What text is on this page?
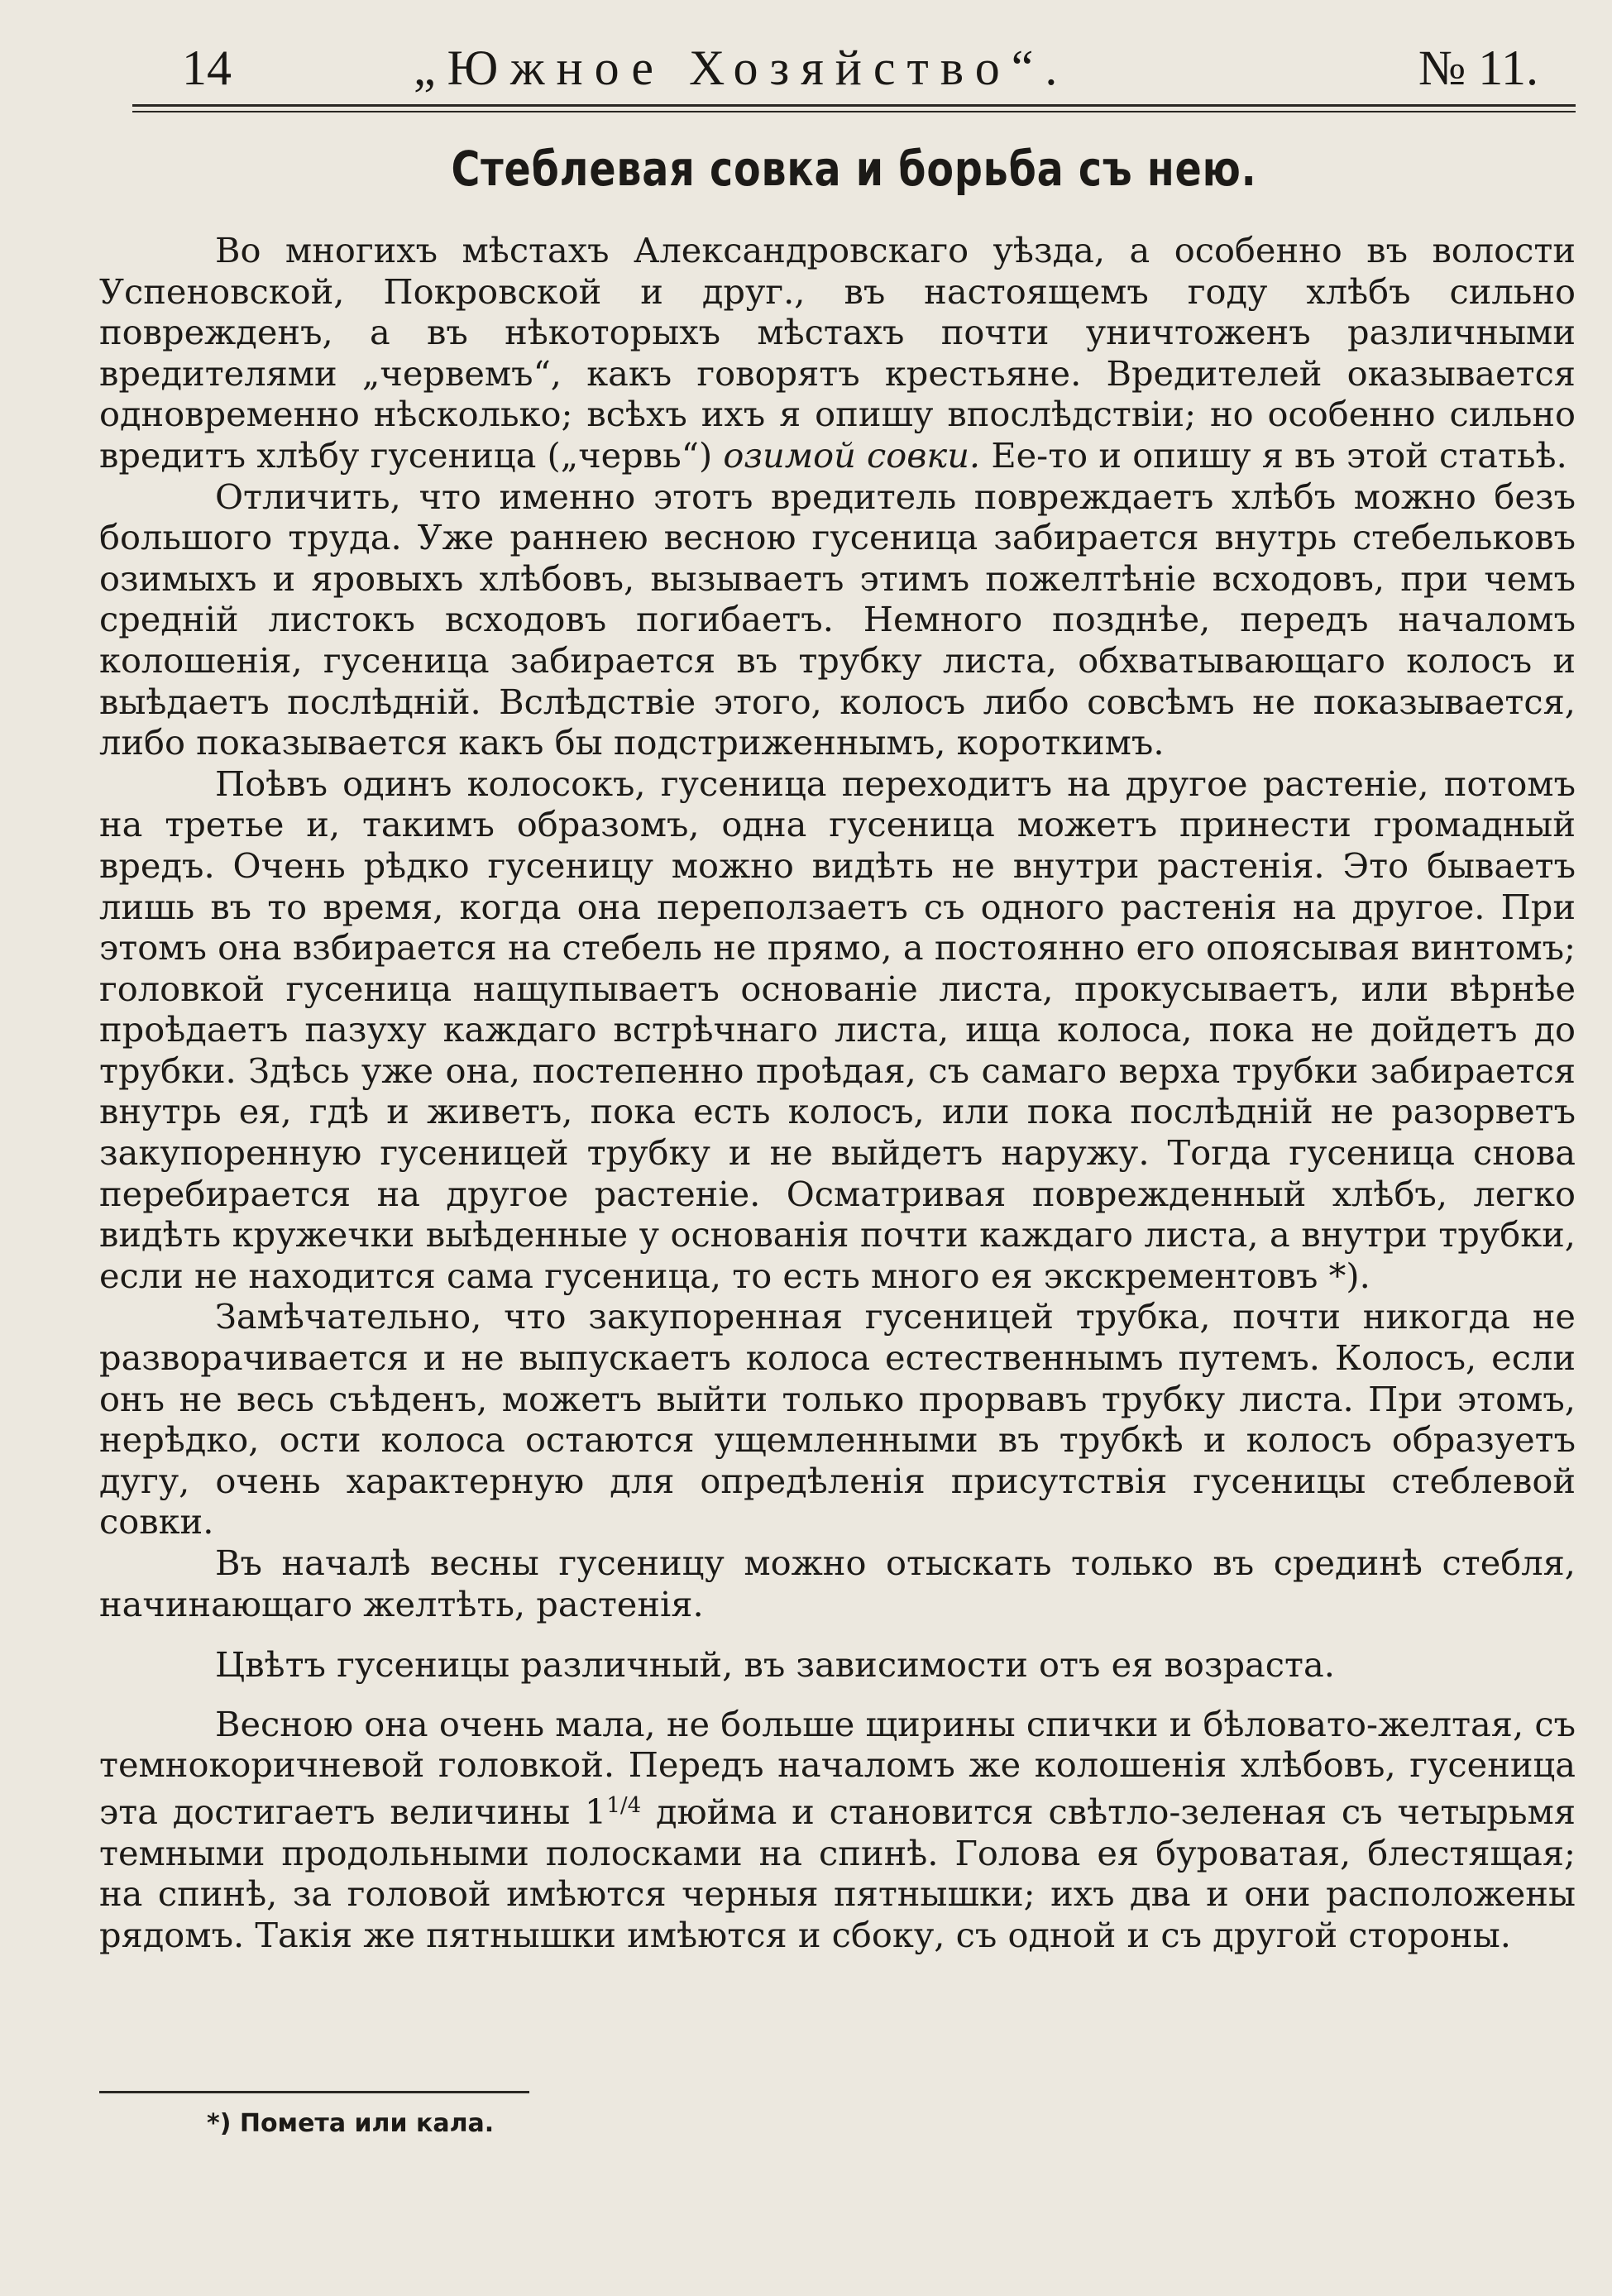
14	„Южное Хозяйство“.	№ 11.
Стеблевая совка и борьба съ нею.

Во многихъ мѣстахъ Александровскаго уѣзда, а особенно въ волости Успеновской, Покровской и друг., въ настоящемъ году хлѣбъ сильно поврежденъ, а въ нѣкоторыхъ мѣстахъ почти уничтоженъ различными вредителями „червемъ“, какъ говорятъ крестьяне. Вредителей оказывается одновременно нѣсколько; всѣхъ ихъ я опишу впослѣдствіи; но особенно сильно вредитъ хлѣбу гусеница („червь“) озимой совки. Ее-то и опишу я въ этой статьѣ.

Отличить, что именно этотъ вредитель повреждаетъ хлѣбъ можно безъ большого труда. Уже раннею весною гусеница забирается внутрь стебельковъ озимыхъ и яровыхъ хлѣбовъ, вызываетъ этимъ пожелтѣніе всходовъ, при чемъ средній листокъ всходовъ погибаетъ. Немного позднѣе, передъ началомъ колошенія, гусеница забирается въ трубку листа, обхватывающаго колосъ и выѣдаетъ послѣдній. Вслѣдствіе этого, колосъ либо совсѣмъ не показывается, либо показывается какъ бы подстриженнымъ, короткимъ.

Поѣвъ одинъ колосокъ, гусеница переходитъ на другое растеніе, потомъ на третье и, такимъ образомъ, одна гусеница можетъ принести громадный вредъ. Очень рѣдко гусеницу можно видѣть не внутри растенія. Это бываетъ лишь въ то время, когда она переползаетъ съ одного растенія на другое. При этомъ она взбирается на стебель не прямо, а постоянно его опоясывая винтомъ; головкой гусеница нащупываетъ основаніе листа, прокусываетъ, или вѣрнѣе проѣдаетъ пазуху каждаго встрѣчнаго листа, ища колоса, пока не дойдетъ до трубки. Здѣсь уже она, постепенно проѣдая, съ самаго верха трубки забирается внутрь ея, гдѣ и живетъ, пока есть колосъ, или пока послѣдній не разорветъ закупоренную гусеницей трубку и не выйдетъ наружу. Тогда гусеница снова перебирается на другое растеніе. Осматривая поврежденный хлѣбъ, легко видѣть кружечки выѣденные у основанія почти каждаго листа, а внутри трубки, если не находится сама гусеница, то есть много ея экскрементовъ *).

Замѣчательно, что закупоренная гусеницей трубка, почти никогда не разворачивается и не выпускаетъ колоса естественнымъ путемъ. Колосъ, если онъ не весь съѣденъ, можетъ выйти только прорвавъ трубку листа. При этомъ, нерѣдко, ости колоса остаются ущемленными въ трубкѣ и колосъ образуетъ дугу, очень характерную для опредѣленія присутствія гусеницы стеблевой совки.

Въ началѣ весны гусеницу можно отыскать только въ срединѣ стебля, начинающаго желтѣть, растенія.

Цвѣтъ гусеницы различный, въ зависимости отъ ея возраста.

Весною она очень мала, не больше щирины спички и бѣловато-желтая, съ темнокоричневой головкой. Передъ началомъ же колошенія хлѣбовъ, гусеница эта достигаетъ величины $1^{1/4}$ дюйма и становится свѣтло-зеленая съ четырьмя темными продольными полосками на спинѣ. Голова ея буроватая, блестящая; на спинѣ, за головой имѣются черныя пятнышки; ихъ два и они расположены рядомъ. Такія же пятнышки имѣются и сбоку, съ одной и съ другой стороны.

*) Помета или кала.
